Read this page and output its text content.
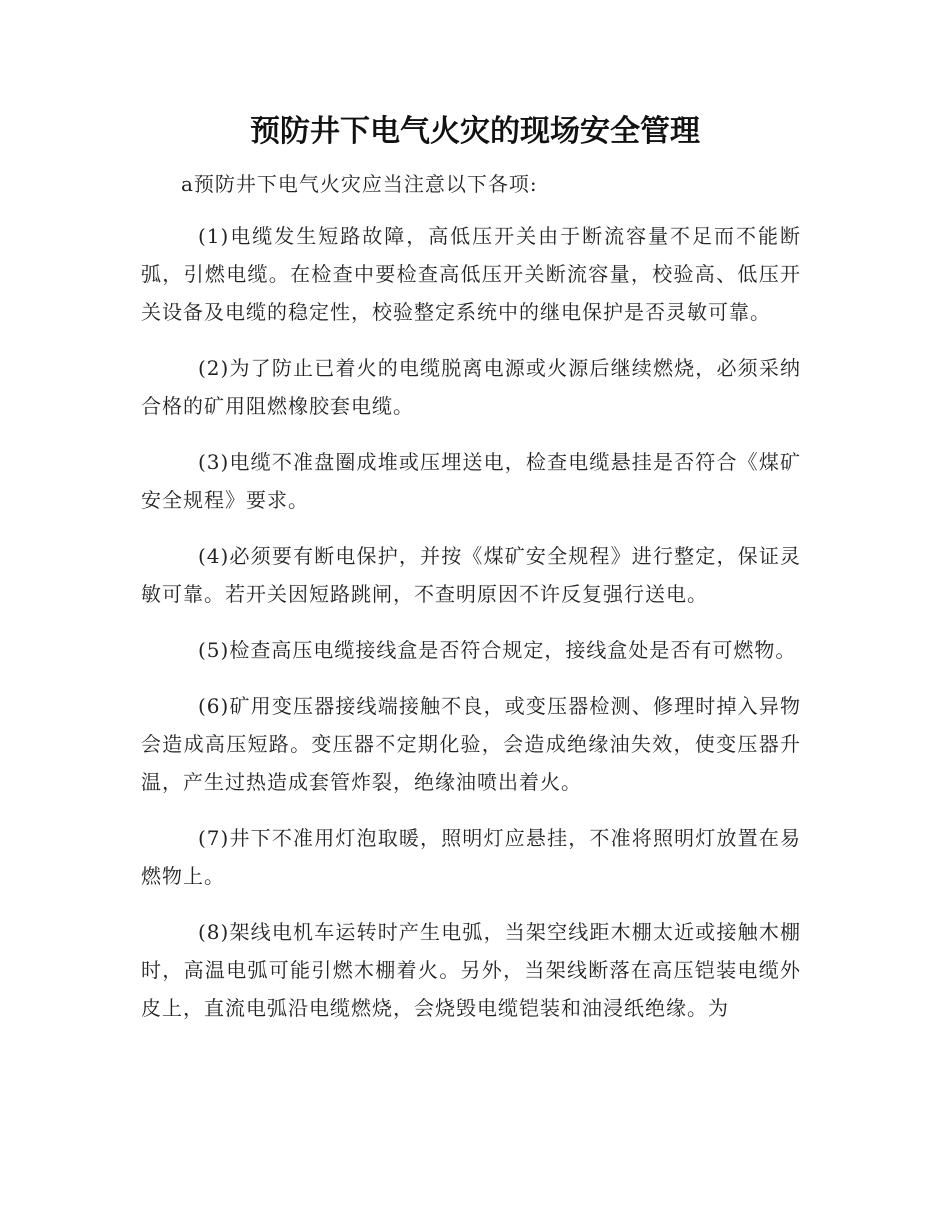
预防井下电气火灾的现场安全管理

a预防井下电气火灾应当注意以下各项:

(1)电缆发生短路故障，高低压开关由于断流容量不足而不能断弧，引燃电缆。在检查中要检查高低压开关断流容量，校验高、低压开关设备及电缆的稳定性，校验整定系统中的继电保护是否灵敏可靠。

(2)为了防止已着火的电缆脱离电源或火源后继续燃烧，必须采纳合格的矿用阻燃橡胶套电缆。

(3)电缆不准盘圈成堆或压埋送电，检查电缆悬挂是否符合《煤矿安全规程》要求。

(4)必须要有断电保护，并按《煤矿安全规程》进行整定，保证灵敏可靠。若开关因短路跳闸，不查明原因不许反复强行送电。

(5)检查高压电缆接线盒是否符合规定，接线盒处是否有可燃物。

(6)矿用变压器接线端接触不良，或变压器检测、修理时掉入异物会造成高压短路。变压器不定期化验，会造成绝缘油失效，使变压器升温，产生过热造成套管炸裂，绝缘油喷出着火。

(7)井下不准用灯泡取暖，照明灯应悬挂，不准将照明灯放置在易燃物上。

(8)架线电机车运转时产生电弧，当架空线距木棚太近或接触木棚时，高温电弧可能引燃木棚着火。另外，当架线断落在高压铠装电缆外皮上，直流电弧沿电缆燃烧，会烧毁电缆铠装和油浸纸绝缘。为
